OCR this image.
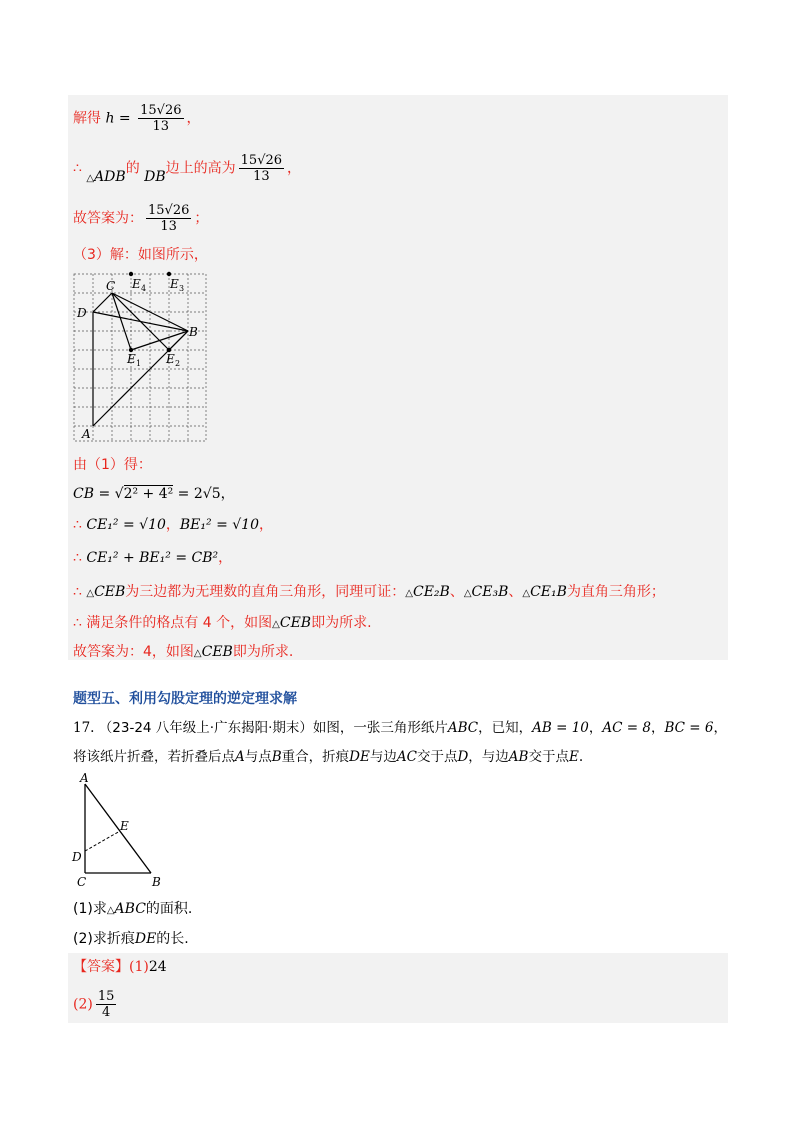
解得 $h = \frac{15√26}{13}$ ，
∴ △ADB的 DB边上的高为 $\frac{15√26}{13}$ ，
故答案为： $\frac{15√26}{13}$ ；
（3）解：如图所示，
C E 4 E 3
D
B
E 1 E 2
A
由（1）得：
CB = √2² + 4² = 2√5，
∴ CE₁² = √10，BE₁² = √10，
∴ CE₁² + BE₁² = CB²，
∴ △CEB为三边都为无理数的直角三角形，同理可证：△CE₂B、△CE₃B、△CE₁B为直角三角形；
∴ 满足条件的格点有 4 个，如图△CEB即为所求.
故答案为：4，如图△CEB即为所求.
题型五、利用勾股定理的逆定理求解
17. （23-24 八年级上·广东揭阳·期末）如图，一张三角形纸片ABC，已知，AB = 10，AC = 8，BC = 6，
将该纸片折叠，若折叠后点A与点B重合，折痕DE与边AC交于点D，与边AB交于点E.
A
E
D
C	B
(1)求△ABC的面积.
(2)求折痕DE的长.
【答案】(1)24
$(2) \frac{15}{4}$
